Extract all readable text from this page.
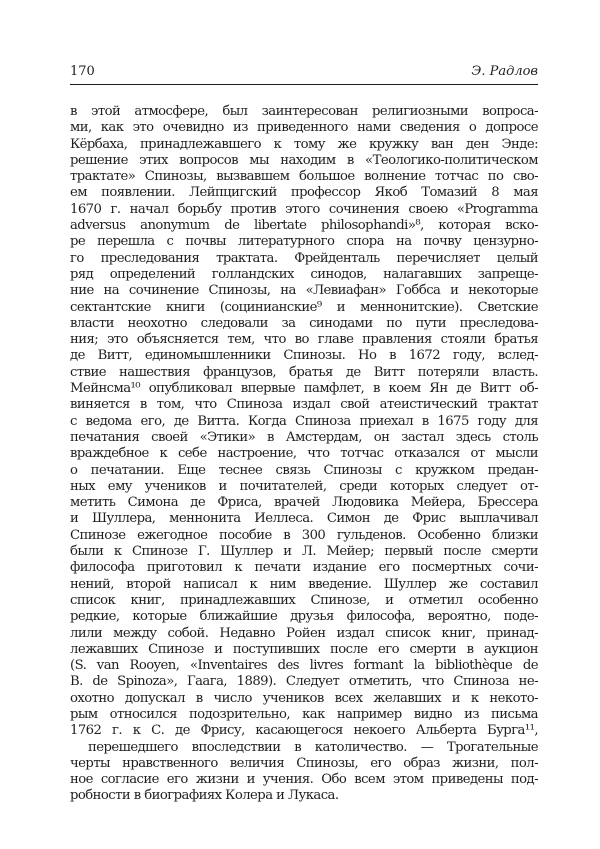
170	Э. Радлов
в этой атмосфере, был заинтересован религиозными вопроса-
ми, как это очевидно из приведенного нами сведения о допросе
Кёрбаха, принадлежавшего к тому же кружку ван ден Энде:
решение этих вопросов мы находим в «Теологико-политическом
трактате» Спинозы, вызвавшем большое волнение тотчас по сво-
ем появлении. Лейпцигский профессор Якоб Томазий 8 мая
1670 г. начал борьбу против этого сочинения своею «Programma
adversus anonymum de libertate philosophandi»⁸, которая вско-
ре перешла с почвы литературного спора на почву цензурно-
го преследования трактата. Фрейденталь перечисляет целый
ряд определений голландских синодов, налагавших запреще-
ние на сочинение Спинозы, на «Левиафан» Гоббса и некоторые
сектантские книги (социнианские⁹ и меннонитские). Светские
власти неохотно следовали за синодами по пути преследова-
ния; это объясняется тем, что во главе правления стояли братья
де Витт, единомышленники Спинозы. Но в 1672 году, вслед-
ствие нашествия французов, братья де Витт потеряли власть.
Мейнсма¹⁰ опубликовал впервые памфлет, в коем Ян де Витт об-
виняется в том, что Спиноза издал свой атеистический трактат
с ведома его, де Витта. Когда Спиноза приехал в 1675 году для
печатания своей «Этики» в Амстердам, он застал здесь столь
враждебное к себе настроение, что тотчас отказался от мысли
о печатании. Еще теснее связь Спинозы с кружком предан-
ных ему учеников и почитателей, среди которых следует от-
метить Симона де Фриса, врачей Людовика Мейера, Брессера
и Шуллера, меннонита Иеллеса. Симон де Фрис выплачивал
Спинозе ежегодное пособие в 300 гульденов. Особенно близки
были к Спинозе Г. Шуллер и Л. Мейер; первый после смерти
философа приготовил к печати издание его посмертных сочи-
нений, второй написал к ним введение. Шуллер же составил
список книг, принадлежавших Спинозе, и отметил особенно
редкие, которые ближайшие друзья философа, вероятно, поде-
лили между собой. Недавно Ройен издал список книг, принад-
лежавших Спинозе и поступивших после его смерти в аукцион
(S. van Rooyen, «Inventaires des livres formant la bibliothèque de
B. de Spinoza», Гаага, 1889). Следует отметить, что Спиноза не-
охотно допускал в число учеников всех желавших и к некото-
рым относился подозрительно, как например видно из письма
1762 г. к С. де Фрису, касающегося некоего Альберта Бурга¹¹,
перешедшего впоследствии в католичество. — Трогательные
черты нравственного величия Спинозы, его образ жизни, пол-
ное согласие его жизни и учения. Обо всем этом приведены под-
робности в биографиях Колера и Лукаса.
